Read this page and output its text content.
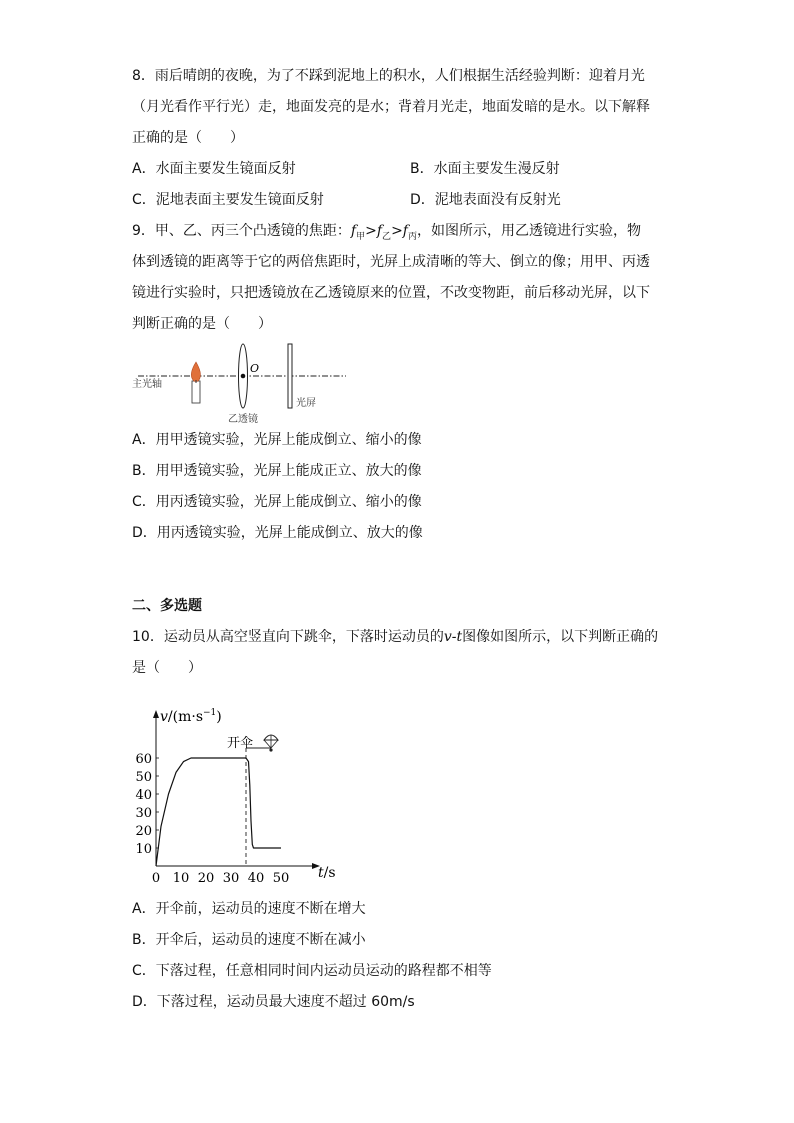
8．雨后晴朗的夜晚，为了不踩到泥地上的积水，人们根据生活经验判断：迎着月光
（月光看作平行光）走，地面发亮的是水；背着月光走，地面发暗的是水。以下解释
正确的是（　　）
A．水面主要发生镜面反射	B．水面主要发生漫反射
C．泥地表面主要发生镜面反射	D．泥地表面没有反射光
9．甲、乙、丙三个凸透镜的焦距：$f_甲>f_乙>f_丙$，如图所示，用乙透镜进行实验，物
体到透镜的距离等于它的两倍焦距时，光屏上成清晰的等大、倒立的像；用甲、丙透
镜进行实验时，只把透镜放在乙透镜原来的位置，不改变物距，前后移动光屏，以下
判断正确的是（　　）
O
主光轴
乙透镜
光屏
A．用甲透镜实验，光屏上能成倒立、缩小的像
B．用甲透镜实验，光屏上能成正立、放大的像
C．用丙透镜实验，光屏上能成倒立、缩小的像
D．用丙透镜实验，光屏上能成倒立、放大的像
二、多选题
10．运动员从高空竖直向下跳伞，下落时运动员的v-t图像如图所示，以下判断正确的
是（　　）
$v/(m\cdot s^{-1})$
t/s
0 10 20 30 40 50
10
20
30
40
50
60
开伞
A．开伞前，运动员的速度不断在增大
B．开伞后，运动员的速度不断在减小
C．下落过程，任意相同时间内运动员运动的路程都不相等
D．下落过程，运动员最大速度不超过 60m/s
